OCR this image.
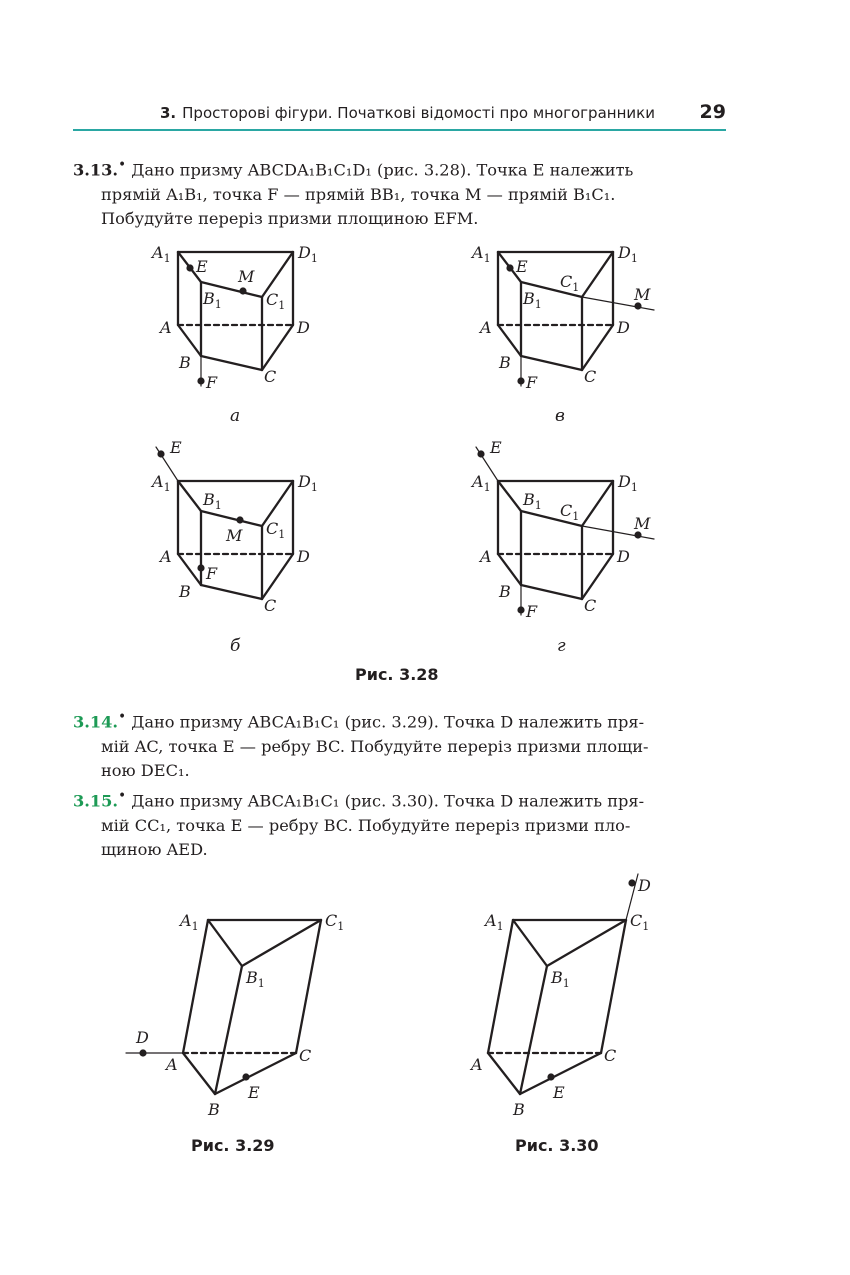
3. Просторові фігури. Початкові відомості про многогранники 29
3.13.• Дано призму ABCDA₁B₁C₁D₁ (рис. 3.28). Точка E належить
прямій A₁B₁, точка F — прямій BB₁, точка M — прямій B₁C₁.
Побудуйте переріз призми площиною EFM.
$A_1$	$D_1$
A	D
B
C
$B_1$	$C_1$
E
M
F
$A_1$	$D_1$
A	D
B
C
$B_1$
$C_1$
E
M
F
$A_1$	$D_1$
A	D
B
C
$B_1$
$C_1$
E
M
F
$A_1$	$D_1$
A	D
B
C
$B_1$ $C_1$
E
M
F
$A_1$	$C_1$
$B_1$
A	C
B
E
D
$A_1$	$C_1$
$B_1$
A	C
B
E
D
а	в
б	г
Рис. 3.28
3.14.• Дано призму ABCA₁B₁C₁ (рис. 3.29). Точка D належить пря-
мій AC, точка E — ребру BC. Побудуйте переріз призми площи-
ною DEC₁.
3.15.• Дано призму ABCA₁B₁C₁ (рис. 3.30). Точка D належить пря-
мій CC₁, точка E — ребру BC. Побудуйте переріз призми пло-
щиною AED.
Рис. 3.29	Рис. 3.30
